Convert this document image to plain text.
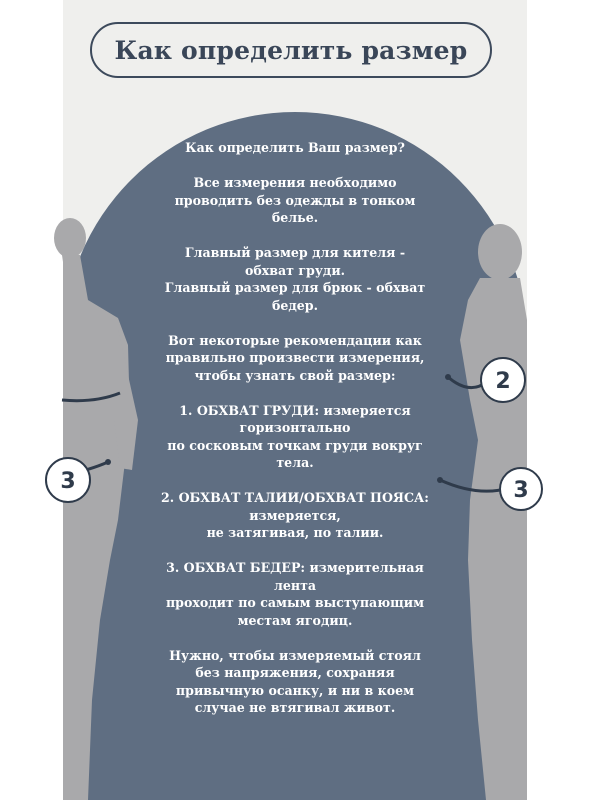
Как определить размер
3
2
3

Как определить Ваш размер?

Все измерения необходимо
проводить без одежды в тонком
белье.

Главный размер для кителя -
обхват груди.
Главный размер для брюк - обхват
бедер.

Вот некоторые рекомендации как
правильно произвести измерения,
чтобы узнать свой размер:

1. ОБХВАТ ГРУДИ: измеряется
горизонтально
по сосковым точкам груди вокруг
тела.

2. ОБХВАТ ТАЛИИ/ОБХВАТ ПОЯСА:
измеряется,
не затягивая, по талии.

3. ОБХВАТ БЕДЕР: измерительная
лента
проходит по самым выступающим
местам ягодиц.

Нужно, чтобы измеряемый стоял
без напряжения, сохраняя
привычную осанку, и ни в коем
случае не втягивал живот.
